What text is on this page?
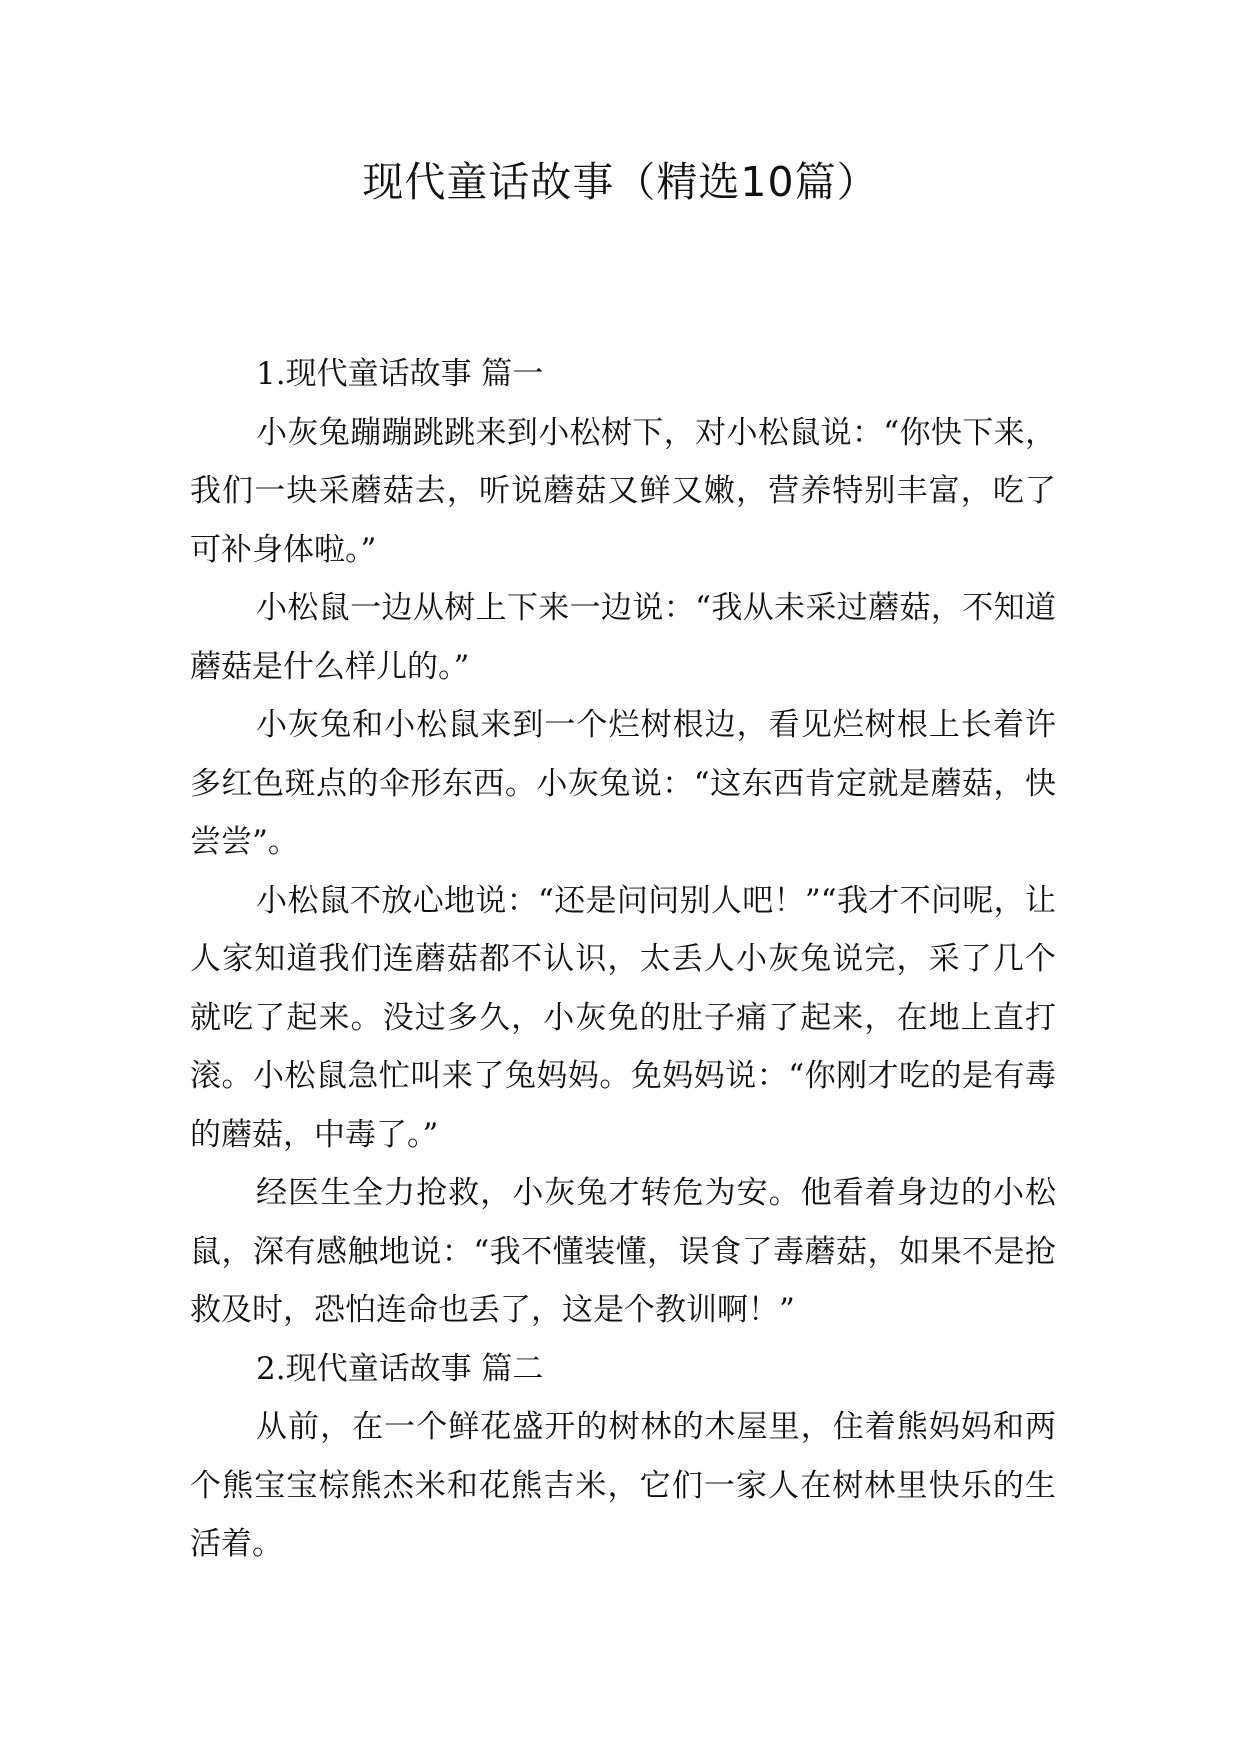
现代童话故事（精选10篇）

1.现代童话故事 篇一

小灰兔蹦蹦跳跳来到小松树下，对小松鼠说：“你快下来，我们一块采蘑菇去，听说蘑菇又鲜又嫩，营养特别丰富，吃了可补身体啦。”

小松鼠一边从树上下来一边说：“我从未采过蘑菇，不知道蘑菇是什么样儿的。”

小灰兔和小松鼠来到一个烂树根边，看见烂树根上长着许多红色斑点的伞形东西。小灰兔说：“这东西肯定就是蘑菇，快尝尝”。

小松鼠不放心地说：“还是问问别人吧！”“我才不问呢，让人家知道我们连蘑菇都不认识，太丢人小灰兔说完，采了几个就吃了起来。没过多久，小灰免的肚子痛了起来，在地上直打滚。小松鼠急忙叫来了兔妈妈。免妈妈说：“你刚才吃的是有毒的蘑菇，中毒了。”

经医生全力抢救，小灰兔才转危为安。他看着身边的小松鼠，深有感触地说：“我不懂装懂，误食了毒蘑菇，如果不是抢救及时，恐怕连命也丢了，这是个教训啊！”

2.现代童话故事 篇二

从前，在一个鲜花盛开的树林的木屋里，住着熊妈妈和两个熊宝宝棕熊杰米和花熊吉米，它们一家人在树林里快乐的生活着。
